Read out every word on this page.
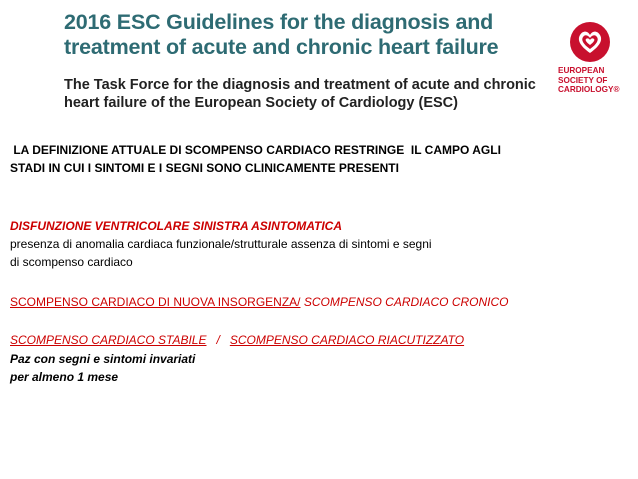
2016 ESC Guidelines for the diagnosis and
treatment of acute and chronic heart failure
The Task Force for the diagnosis and treatment of acute and chronic
heart failure of the European Society of Cardiology (ESC)
EUROPEAN
SOCIETY OF
CARDIOLOGY®
LA DEFINIZIONE ATTUALE DI SCOMPENSO CARDIACO RESTRINGE  IL CAMPO AGLI
STADI IN CUI I SINTOMI E I SEGNI SONO CLINICAMENTE PRESENTI
DISFUNZIONE VENTRICOLARE SINISTRA ASINTOMATICA
presenza di anomalia cardiaca funzionale/strutturale assenza di sintomi e segni
di scompenso cardiaco
SCOMPENSO CARDIACO DI NUOVA INSORGENZA/ SCOMPENSO CARDIACO CRONICO
SCOMPENSO CARDIACO STABILE   /   SCOMPENSO CARDIACO RIACUTIZZATO
Paz con segni e sintomi invariati
per almeno 1 mese
